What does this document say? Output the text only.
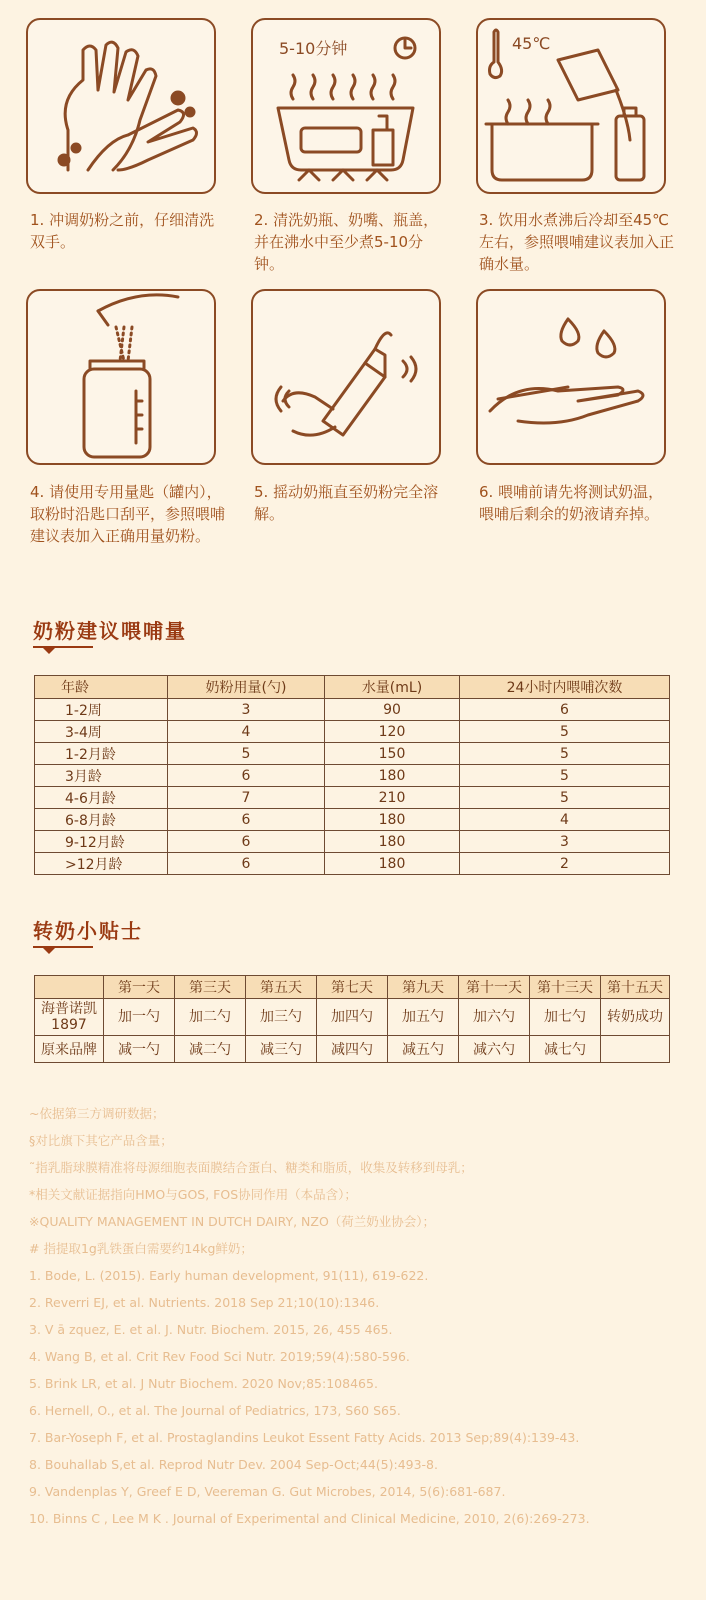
1. 冲调奶粉之前，仔细清洗双手。
5-10分钟
2. 清洗奶瓶、奶嘴、瓶盖，并在沸水中至少煮5-10分钟。
45℃
3. 饮用水煮沸后冷却至45℃左右，参照喂哺建议表加入正确水量。
4. 请使用专用量匙（罐内），取粉时沿匙口刮平，参照喂哺建议表加入正确用量奶粉。
5. 摇动奶瓶直至奶粉完全溶解。
6. 喂哺前请先将测试奶温，喂哺后剩余的奶液请弃掉。
奶粉建议喂哺量
年龄	奶粉用量(勺)	水量(mL)	24小时内喂哺次数
1-2周	3	90	6
3-4周	4	120	5
1-2月龄	5	150	5
3月龄	6	180	5
4-6月龄	7	210	5
6-8月龄	6	180	4
9-12月龄	6	180	3
>12月龄	6	180	2
转奶小贴士
	第一天	第三天	第五天	第七天	第九天	第十一天	第十三天	第十五天
海普诺凯1897	加一勺	加二勺	加三勺	加四勺	加五勺	加六勺	加七勺	转奶成功
原来品牌	减一勺	减二勺	减三勺	减四勺	减五勺	减六勺	减七勺	
~依据第三方调研数据；
§对比旗下其它产品含量；
˜指乳脂球膜精准将母源细胞表面膜结合蛋白、糖类和脂质，收集及转移到母乳；
*相关文献证据指向HMO与GOS, FOS协同作用（本品含）；
※QUALITY MANAGEMENT IN DUTCH DAIRY, NZO（荷兰奶业协会）；
# 指提取1g乳铁蛋白需要约14kg鲜奶；
1. Bode, L. (2015). Early human development, 91(11), 619-622.
2. Reverri EJ, et al. Nutrients. 2018 Sep 21;10(10):1346.
3. V ā zquez, E. et al. J. Nutr. Biochem. 2015, 26, 455 465.
4. Wang B, et al. Crit Rev Food Sci Nutr. 2019;59(4):580-596.
5. Brink LR, et al. J Nutr Biochem. 2020 Nov;85:108465.
6. Hernell, O., et al. The Journal of Pediatrics, 173, S60 S65.
7. Bar-Yoseph F, et al. Prostaglandins Leukot Essent Fatty Acids. 2013 Sep;89(4):139-43.
8. Bouhallab S,et al. Reprod Nutr Dev. 2004 Sep-Oct;44(5):493-8.
9. Vandenplas Y, Greef E D, Veereman G. Gut Microbes, 2014, 5(6):681-687.
10. Binns C , Lee M K . Journal of Experimental and Clinical Medicine, 2010, 2(6):269-273.
